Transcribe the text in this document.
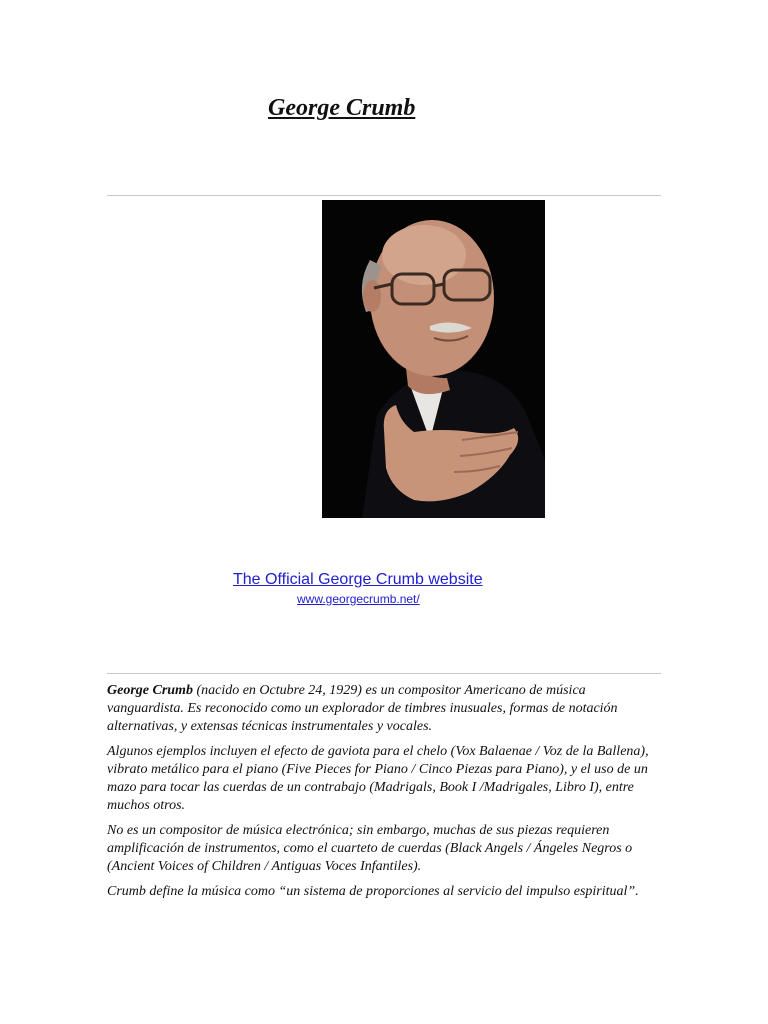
George Crumb
The Official George Crumb website
www.georgecrumb.net/

George Crumb (nacido en Octubre 24, 1929) es un compositor Americano de música vanguardista. Es reconocido como un explorador de timbres inusuales, formas de notación alternativas, y extensas técnicas instrumentales y vocales.

Algunos ejemplos incluyen el efecto de gaviota para el chelo (Vox Balaenae / Voz de la Ballena), vibrato metálico para el piano (Five Pieces for Piano / Cinco Piezas para Piano), y el uso de un mazo para tocar las cuerdas de un contrabajo (Madrigals, Book I /Madrigales, Libro I), entre muchos otros.

No es un compositor de música electrónica; sin embargo, muchas de sus piezas requieren amplificación de instrumentos, como el cuarteto de cuerdas (Black Angels / Ángeles Negros o (Ancient Voices of Children / Antiguas Voces Infantiles).

Crumb define la música como “un sistema de proporciones al servicio del impulso espiritual”.
